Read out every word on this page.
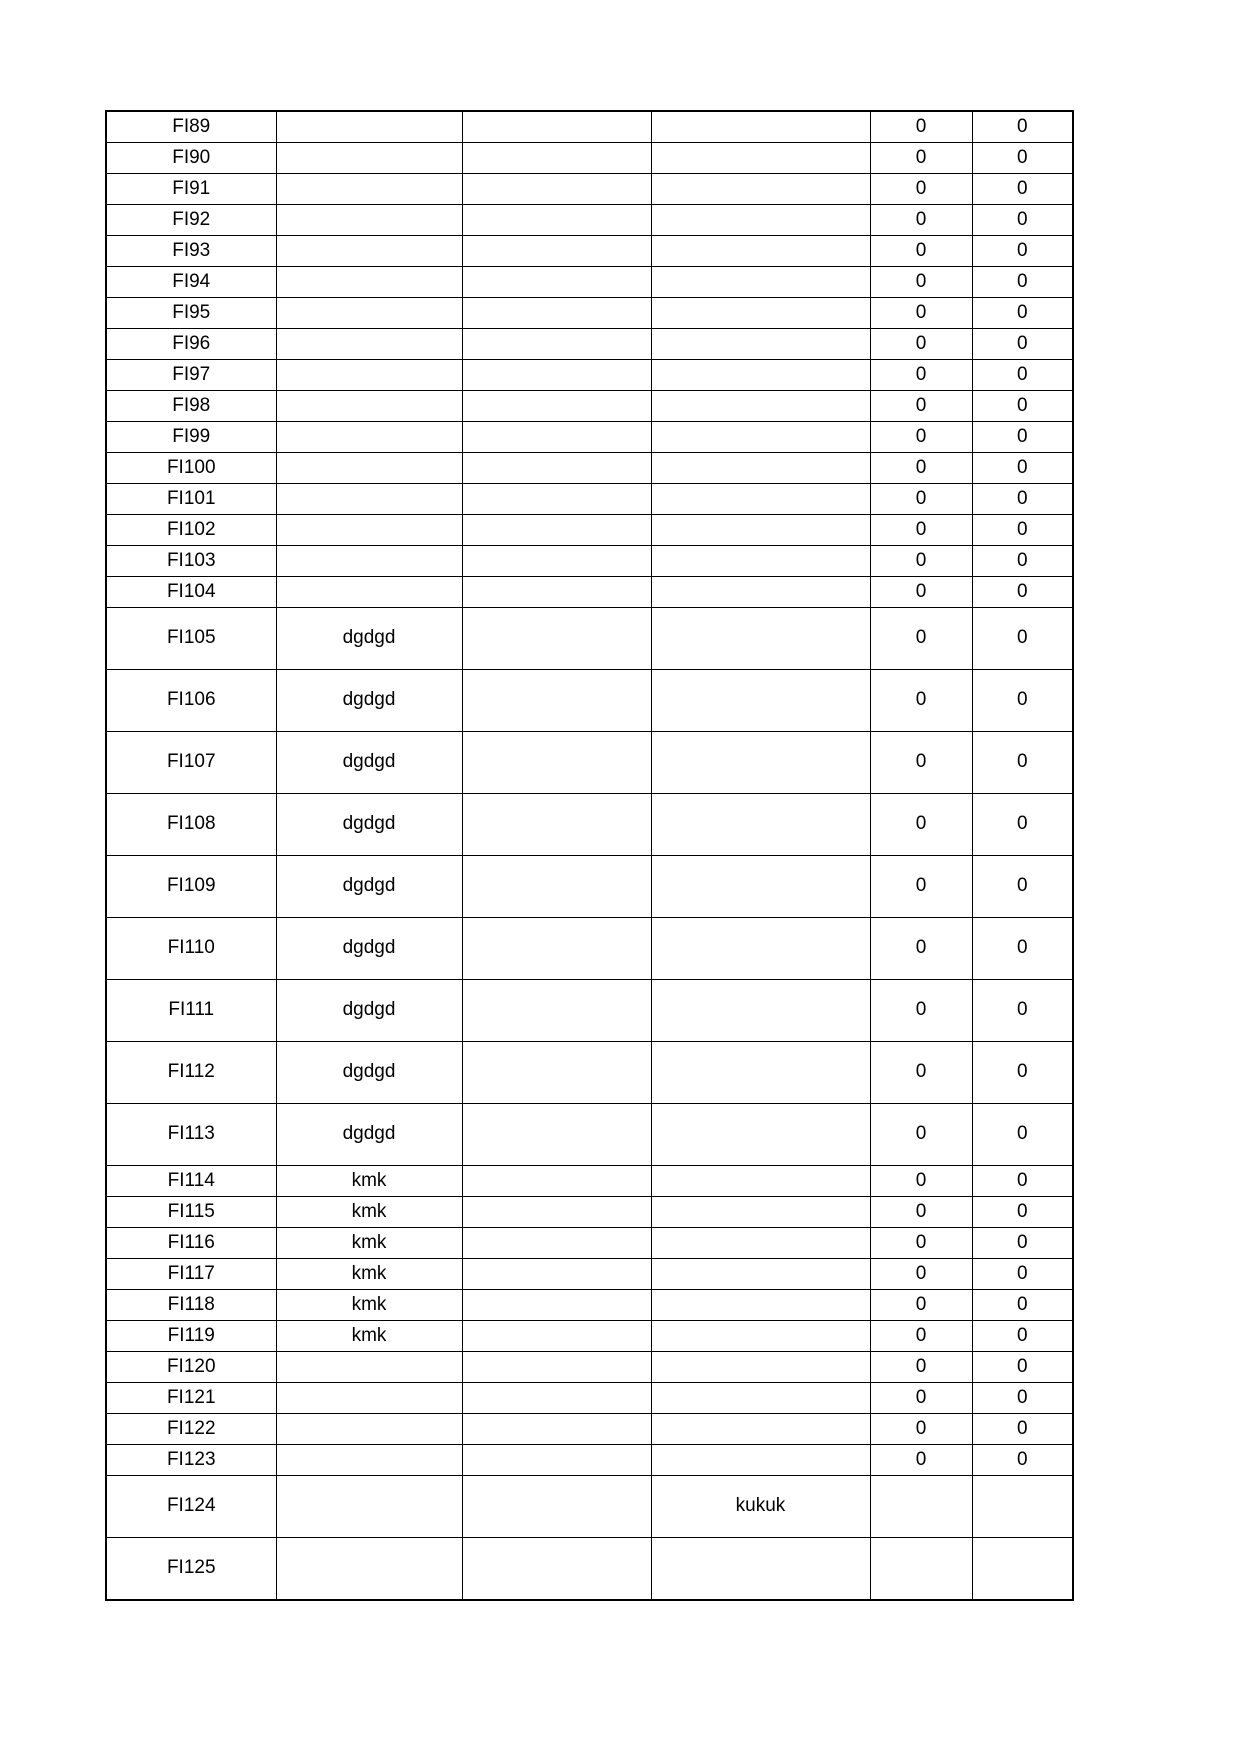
FI89				0	0
FI90				0	0
FI91				0	0
FI92				0	0
FI93				0	0
FI94				0	0
FI95				0	0
FI96				0	0
FI97				0	0
FI98				0	0
FI99				0	0
FI100				0	0
FI101				0	0
FI102				0	0
FI103				0	0
FI104				0	0
FI105	dgdgd			0	0
FI106	dgdgd			0	0
FI107	dgdgd			0	0
FI108	dgdgd			0	0
FI109	dgdgd			0	0
FI110	dgdgd			0	0
FI111	dgdgd			0	0
FI112	dgdgd			0	0
FI113	dgdgd			0	0
FI114	kmk			0	0
FI115	kmk			0	0
FI116	kmk			0	0
FI117	kmk			0	0
FI118	kmk			0	0
FI119	kmk			0	0
FI120				0	0
FI121				0	0
FI122				0	0
FI123				0	0
FI124			kukuk		
FI125					
